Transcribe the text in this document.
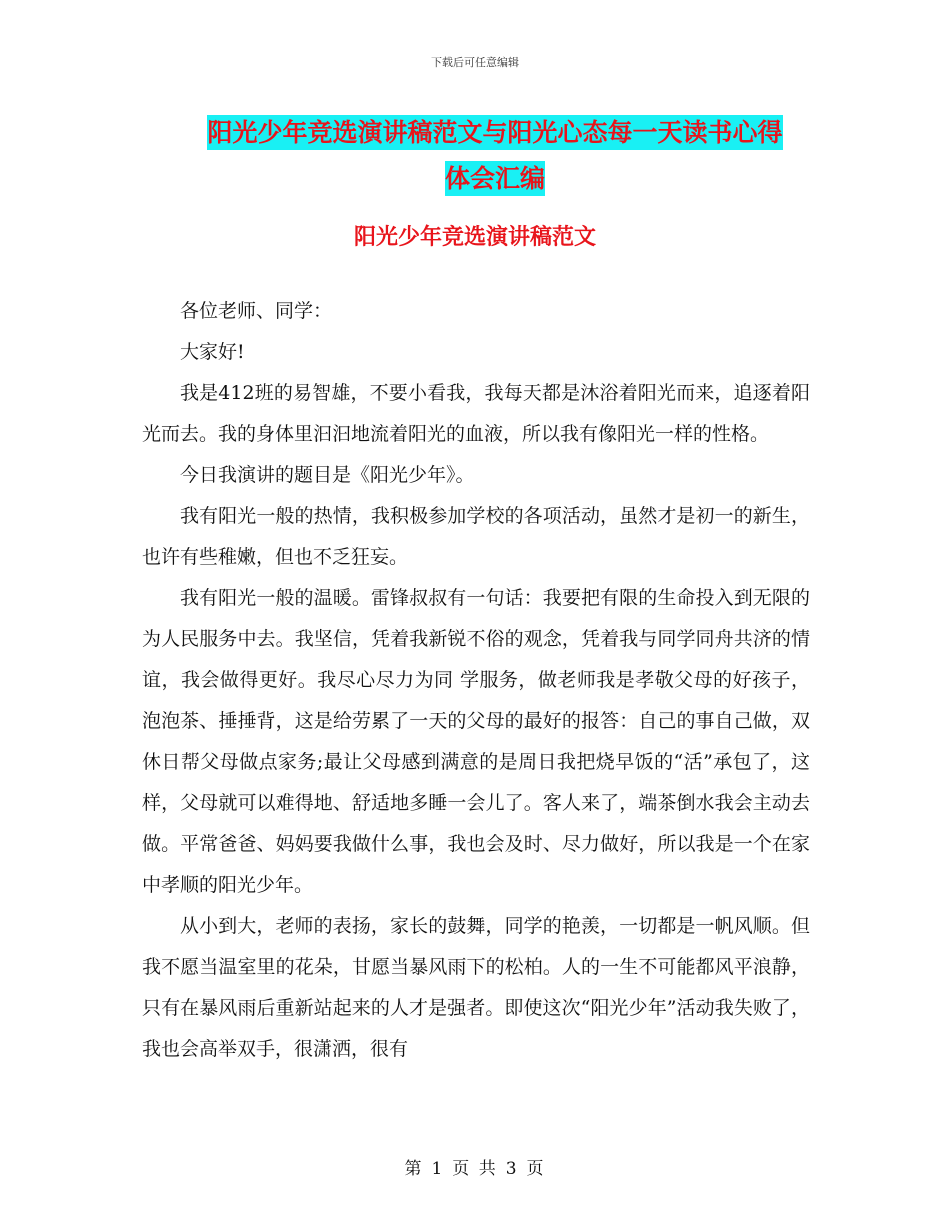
下载后可任意编辑
阳光少年竞选演讲稿范文与阳光心态每一天读书心得
体会汇编
阳光少年竞选演讲稿范文

各位老师、同学：

大家好!

我是412班的易智雄，不要小看我，我每天都是沐浴着阳光而来，追逐着阳光而去。我的身体里汩汩地流着阳光的血液，所以我有像阳光一样的性格。

今日我演讲的题目是《阳光少年》。

我有阳光一般的热情，我积极参加学校的各项活动，虽然才是初一的新生，也许有些稚嫩，但也不乏狂妄。

我有阳光一般的温暖。雷锋叔叔有一句话：我要把有限的生命投入到无限的为人民服务中去。我坚信，凭着我新锐不俗的观念，凭着我与同学同舟共济的情谊，我会做得更好。我尽心尽力为同 学服务，做老师我是孝敬父母的好孩子，泡泡茶、捶捶背，这是给劳累了一天的父母的最好的报答：自己的事自己做，双休日帮父母做点家务;最让父母感到满意的是周日我把烧早饭的“活”承包了，这样，父母就可以难得地、舒适地多睡一会儿了。客人来了，端茶倒水我会主动去做。平常爸爸、妈妈要我做什么事，我也会及时、尽力做好，所以我是一个在家中孝顺的阳光少年。

从小到大，老师的表扬，家长的鼓舞，同学的艳羡，一切都是一帆风顺。但我不愿当温室里的花朵，甘愿当暴风雨下的松柏。人的一生不可能都风平浪静，只有在暴风雨后重新站起来的人才是强者。即使这次“阳光少年”活动我失败了，我也会高举双手，很潇洒，很有

第 1 页 共 3 页
